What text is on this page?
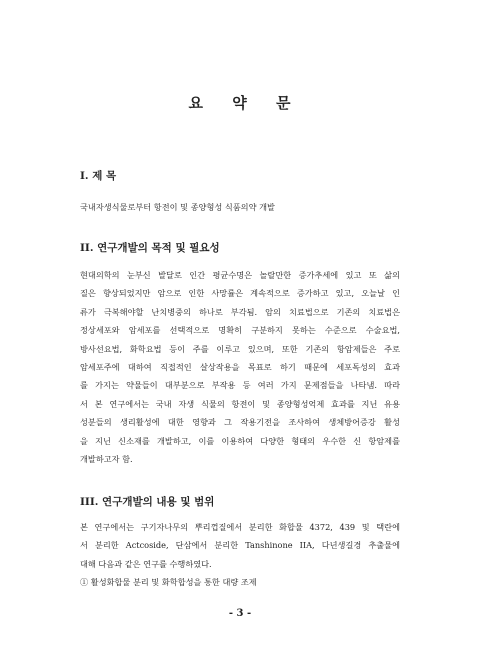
요 약 문
I. 제 목
국내자생식물로부터 항전이 및 종양형성 식품의약 개발
II. 연구개발의 목적 및 필요성
현대의학의 눈부신 발달로 인간 평균수명은 놀랄만한 증가추세에 있고 또 삶의
질은 향상되었지만 암으로 인한 사망률은 계속적으로 증가하고 있고, 오늘날 인
류가 극복해야할 난치병중의 하나로 부각됨. 암의 치료법으로 기존의 치료법은
정상세포와 암세포를 선택적으로 명확히 구분하지 못하는 수준으로 수술요법,
방사선요법, 화학요법 등이 주를 이루고 있으며, 또한 기존의 항암제들은 주로
암세포주에 대하여 직접적인 살상작용을 목표로 하기 때문에 세포독성의 효과
를 가지는 약물들이 대부분으로 부작용 등 여러 가지 문제점들을 나타냄. 따라
서 본 연구에서는 국내 자생 식물의 항전이 및 종양형성억제 효과를 지닌 유용
성분들의 생리활성에 대한 영향과 그 작용기전을 조사하여 생체방어증강 활성
을 지닌 신소재를 개발하고, 이를 이용하여 다양한 형태의 우수한 신 항암제를
개발하고자 함.
III. 연구개발의 내용 및 범위
본 연구에서는 구기자나무의 뿌리껍질에서 분리한 화합물 4372, 439 및 택란에
서 분리한 Actcoside, 단삼에서 분리한 Tanshinone IIA, 다년생길경 추출물에
대해 다음과 같은 연구를 수행하였다.
① 활성화합물 분리 및 화학합성을 통한 대량 조제
- 3 -
